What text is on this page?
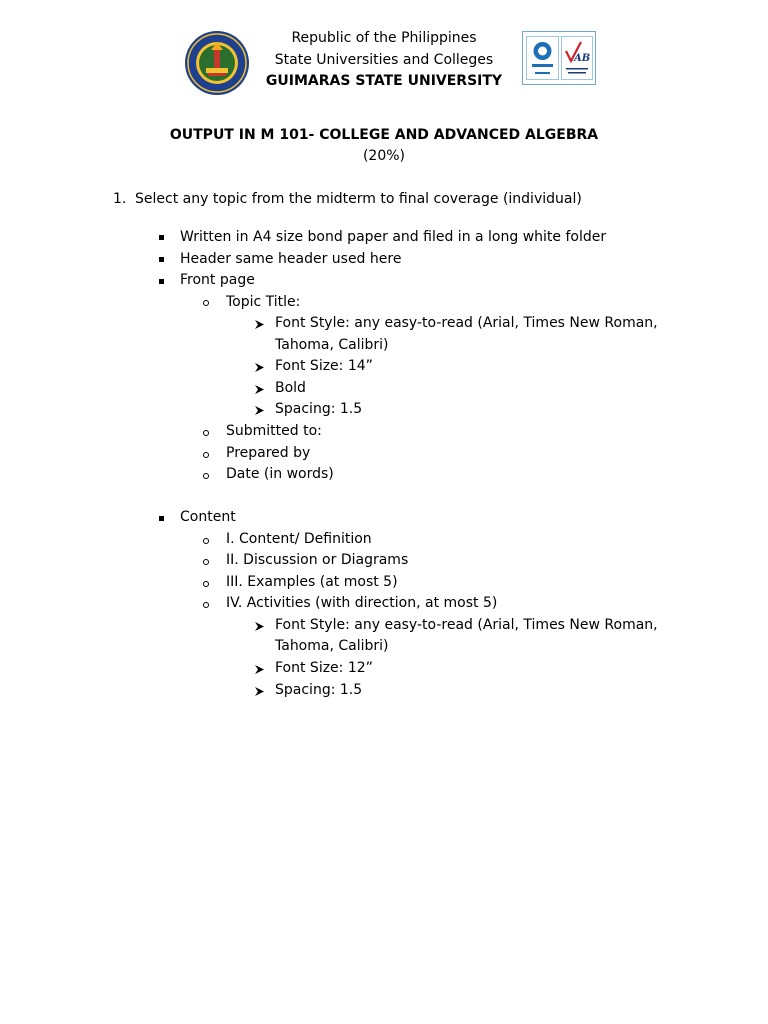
Republic of the Philippines
State Universities and Colleges
GUIMARAS STATE UNIVERSITY
AB
OUTPUT IN M 101- COLLEGE AND ADVANCED ALGEBRA
(20%)
1. Select any topic from the midterm to final coverage (individual)
Written in A4 size bond paper and filed in a long white folder
Header same header used here
Front page
Topic Title:
Font Style: any easy-to-read (Arial, Times New Roman,
Tahoma, Calibri)
Font Size: 14”
Bold
Spacing: 1.5
Submitted to:
Prepared by
Date (in words)
Content
I. Content/ Definition
II. Discussion or Diagrams
III. Examples (at most 5)
IV. Activities (with direction, at most 5)
Font Style: any easy-to-read (Arial, Times New Roman,
Tahoma, Calibri)
Font Size: 12”
Spacing: 1.5
